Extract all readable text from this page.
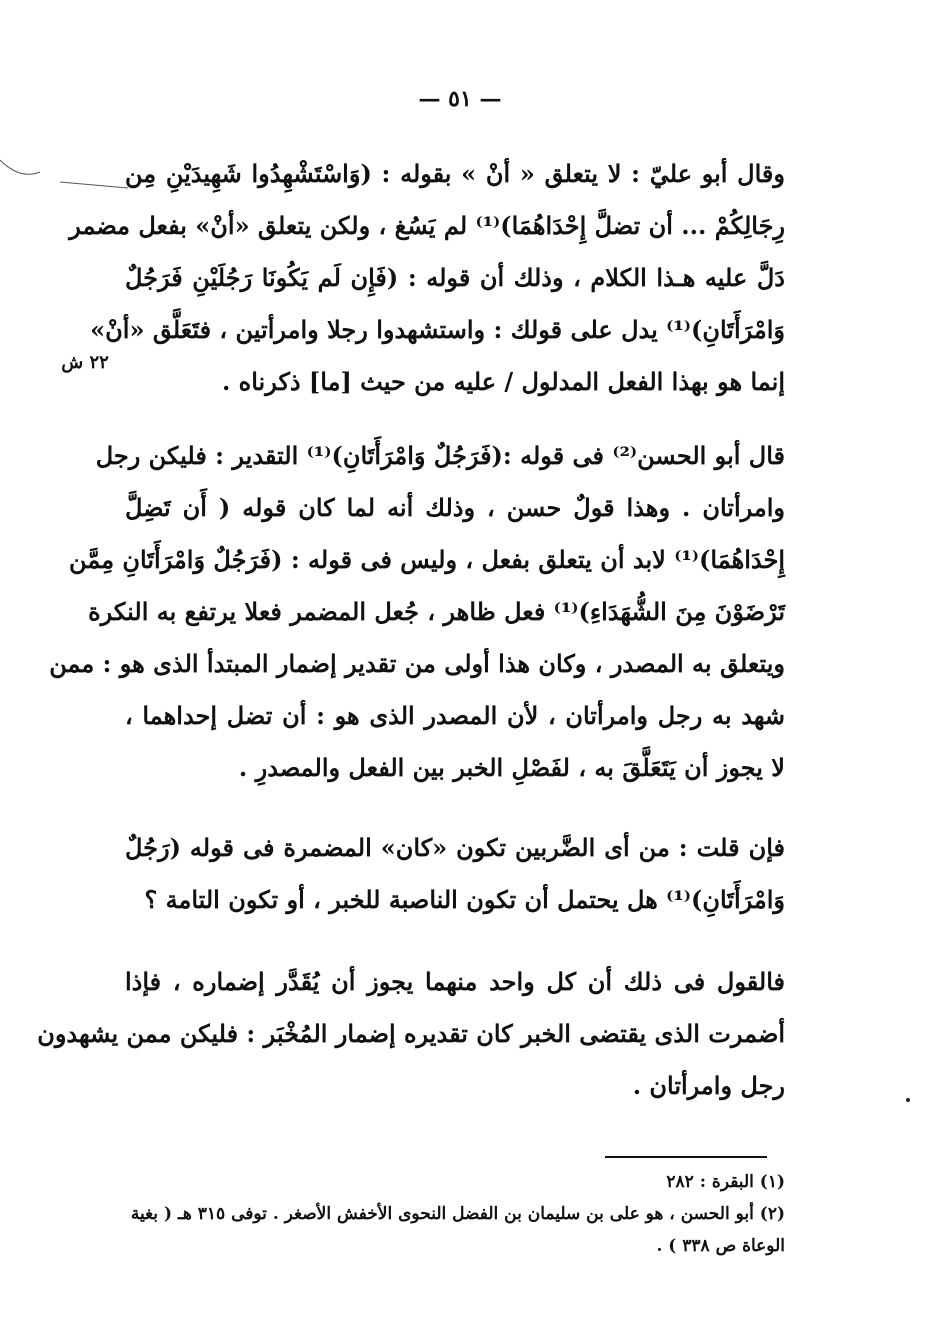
— ٥١ —
٢٢ ش
وقال أبو عليّ : لا يتعلق « أنْ » بقوله : (وَاسْتَشْهِدُوا شَهِيدَيْنِ مِن
رِجَالِكُمْ ... أن تضلَّ إِحْدَاهُمَا)⁽¹⁾ لم يَسُغ ، ولكن يتعلق «أنْ» بفعل مضمر
دَلَّ عليه هـذا الكلام ، وذلك أن قوله : (فَإِن لَم يَكُونَا رَجُلَيْنِ فَرَجُلٌ
وَامْرَأَتَانِ)⁽¹⁾ يدل على قولك : واستشهدوا رجلا وامرأتين ، فتَعَلَّق «أنْ»
إنما هو بهذا الفعل المدلول / عليه من حيث [ما] ذكرناه .
قال أبو الحسن⁽²⁾ فى قوله :(فَرَجُلٌ وَامْرَأَتَانِ)⁽¹⁾ التقدير : فليكن رجل
وامرأتان . وهذا قولٌ حسن ، وذلك أنه لما كان قوله ( أَن تَضِلَّ
إِحْدَاهُمَا)⁽¹⁾ لابد أن يتعلق بفعل ، وليس فى قوله : (فَرَجُلٌ وَامْرَأَتَانِ مِمَّن
تَرْضَوْنَ مِنَ الشُّهَدَاءِ)⁽¹⁾ فعل ظاهر ، جُعل المضمر فعلا يرتفع به النكرة
ويتعلق به المصدر ، وكان هذا أولى من تقدير إضمار المبتدأ الذى هو : ممن
شهد به رجل وامرأتان ، لأن المصدر الذى هو : أن تضل إحداهما ،
لا يجوز أن يَتَعَلَّقَ به ، لفَصْلِ الخبر بين الفعل والمصدرِ .
فإن قلت : من أى الضَّربين تكون «كان» المضمرة فى قوله (رَجُلٌ
وَامْرَأَتَانِ)⁽¹⁾ هل يحتمل أن تكون الناصبة للخبر ، أو تكون التامة ؟
فالقول فى ذلك أن كل واحد منهما يجوز أن يُقَدَّر إضماره ، فإذا
أضمرت الذى يقتضى الخبر كان تقديره إضمار المُخْبَر : فليكن ممن يشهدون
رجل وامرأتان .
(١) البقرة : ٢٨٢
(٢) أبو الحسن ، هو على بن سليمان بن الفضل النحوى الأخفش الأصغر . توفى ٣١٥ هـ ( بغية
الوعاة ص ٣٣٨ ) .
